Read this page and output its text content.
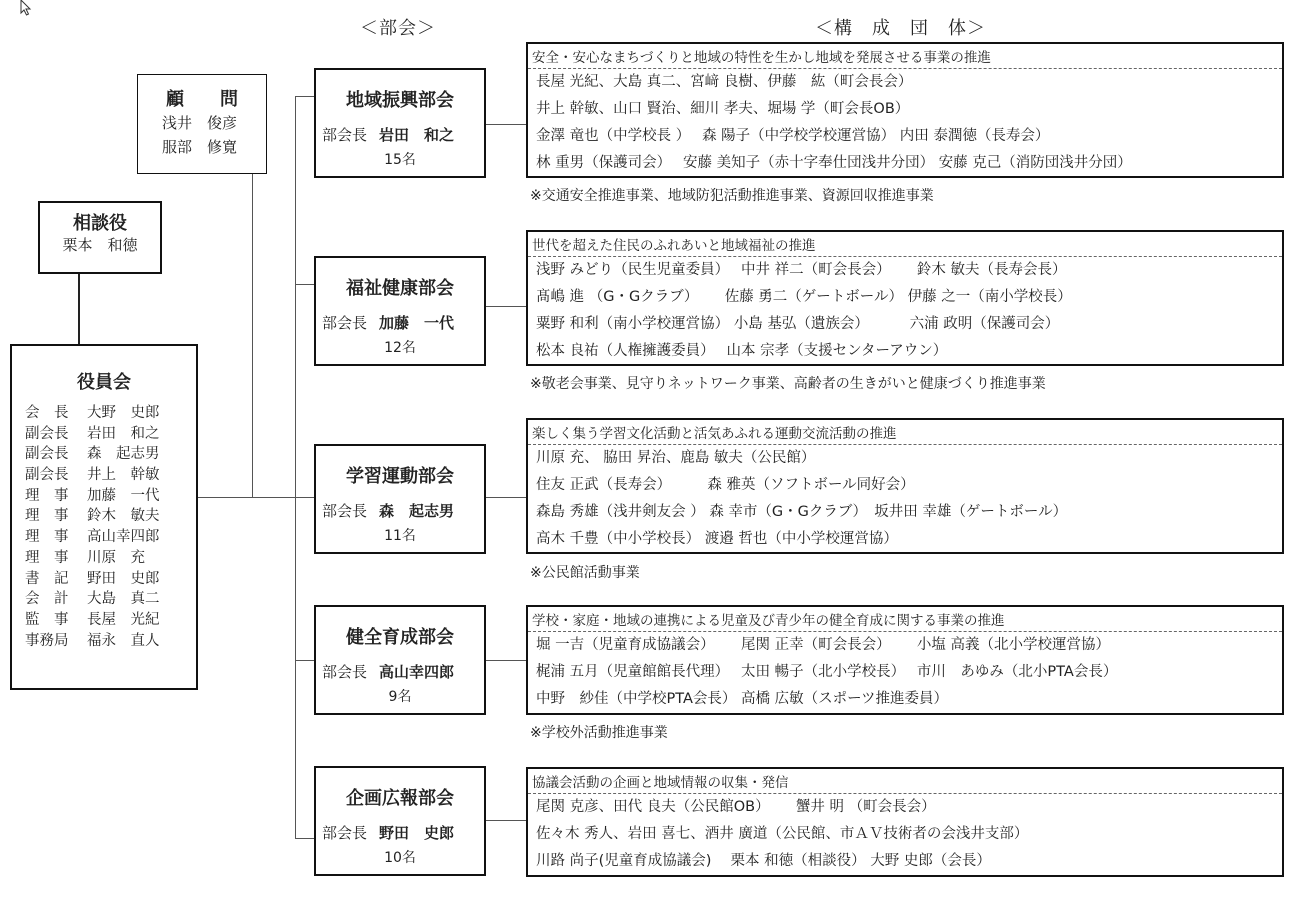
＜部会＞	＜構　成　団　体＞
顧　　問
浅井　俊彦
服部　修寛
相談役
栗本　和徳
役員会
会　長 大野　史郎
副会長 岩田　和之
副会長 森　起志男
副会長 井上　幹敏
理　事 加藤　一代
理　事 鈴木　敏夫
理　事 高山幸四郎
理　事 川原　充
書　記 野田　史郎
会　計 大島　真二
監　事 長屋　光紀
事務局 福永　直人
地域振興部会
部会長 岩田　和之
15名
福祉健康部会
部会長 加藤　一代
12名
学習運動部会
部会長 森　起志男
11名
健全育成部会
部会長 高山幸四郎
9名
企画広報部会
部会長 野田　史郎
10名
安全・安心なまちづくりと地域の特性を生かし地域を発展させる事業の推進
長屋 光紀、大島 真二、宮﨑 良樹、伊藤　紘（町会長会）
井上 幹敏、山口 賢治、細川 孝夫、堀場 学（町会長OB）
金澤 竜也（中学校長 ）　 森 陽子（中学校学校運営協） 内田 泰潤徳（長寿会）
林 重男（保護司会）　 安藤 美知子（赤十字奉仕団浅井分団） 安藤 克己（消防団浅井分団）
世代を超えた住民のふれあいと地域福祉の推進
浅野 みどり（民生児童委員）　 中井 祥二（町会長会）　　 鈴木 敏夫（長寿会長）
髙嶋 進 （G・Gクラブ）　　 佐藤 勇二（ゲートボール） 伊藤 之一（南小学校長）
粟野 和利（南小学校運営協） 小島 基弘（遺族会）　　　 六浦 政明（保護司会）
松本 良祐（人権擁護委員）　 山本 宗孝（支援センターアウン）
楽しく集う学習文化活動と活気あふれる運動交流活動の推進
川原 充、 脇田 昇治、鹿島 敏夫（公民館）
住友 正武（長寿会）　　　森 雅英（ソフトボール同好会）
森島 秀雄（浅井剣友会 ） 森 幸市（G・Gクラブ）　坂井田 幸雄（ゲートボール）
高木 千豊（中小学校長） 渡邉 哲也（中小学校運営協）
学校・家庭・地域の連携による児童及び青少年の健全育成に関する事業の推進
堀 一吉（児童育成協議会）　　 尾関 正幸（町会長会）　　 小塩 高義（北小学校運営協）
梶浦 五月（児童館館長代理）　 太田 暢子（北小学校長）　 市川　あゆみ（北小PTA会長）
中野　紗佳（中学校PTA会長） 高橋 広敏（スポーツ推進委員）
協議会活動の企画と地域情報の収集・発信
尾関 克彦、田代 良夫（公民館OB）　　 蟹井 明 （町会長会）
佐々木 秀人、岩田 喜七、酒井 廣道（公民館、市ＡＶ技術者の会浅井支部）
川路 尚子(児童育成協議会)　 栗本 和徳（相談役） 大野 史郎（会長）
※交通安全推進事業、地域防犯活動推進事業、資源回収推進事業
※敬老会事業、見守りネットワーク事業、高齢者の生きがいと健康づくり推進事業
※公民館活動事業
※学校外活動推進事業
